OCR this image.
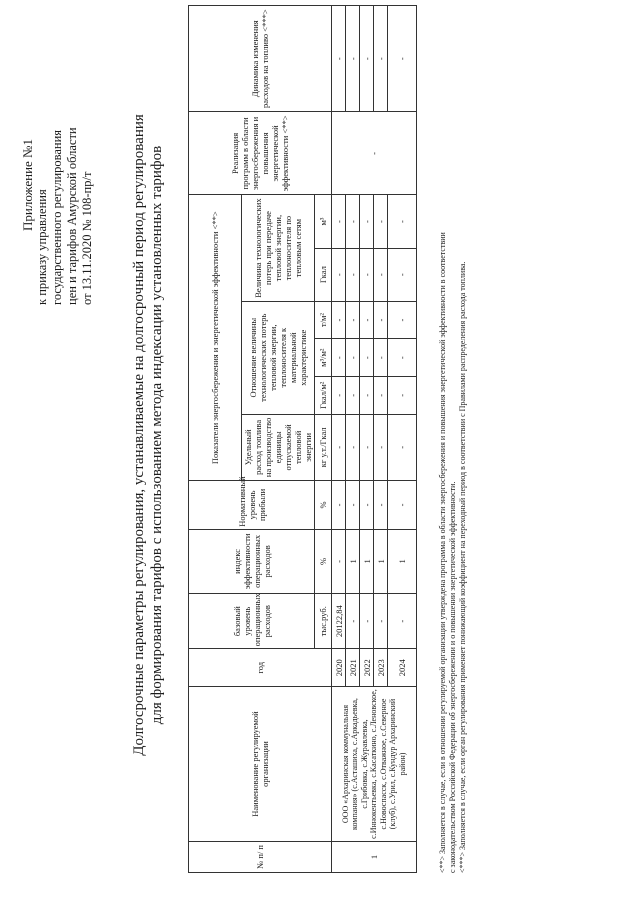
Приложение №1
к приказу управления государственного регулирования цен и тарифов Амурской области от 13.11.2020 № 108-пр/т Долгосрочные параметры регулирования, устанавливаемые на долгосрочный период регулирования для формирования тарифов с использованием метода индексации установленных тарифов
№ п/ п	Наименование регулируемой организации	год	базовый уровень операционных расходов	индекс эффективности операционных расходов	Нормативный уровень прибыли	Показатели энергосбережения и энергетической эффективности <**>						Реализация программ в области энергосбережения и повышения энергетической эффективности <**>	Динамика изменения расходов на топливо <***>
						Удельный расход топлива на производство единицы отпускаемой тепловой энергии	Отношение величины технологических потерь тепловой энергии, теплоносителя к материальной характеристике			Величина технологических потерь при передаче тепловой энергии, теплоносителя по тепловым сетям			
			тыс.руб.	%	%	кг у.т./Гкал	Гкал/м²	м³/м²	т/м²	Гкал	м³		
1	ООО «Архаринская коммунальная компания» (с.Асташиха, с.Аркадьевка, с.Грибовка, с.Журавлевка, с.Иннокентьевка, с.Касаткино, с.Леновское, с.Новоспасск, с.Отважное, с.Северное (клуб), с.Урил, с.Кундур Архаринский район)	2020	20122,84	-	-	-	-	-	-	-	-	-	-
		2021	-	1	-	-	-	-	-	-	-		-
		2022	-	1	-	-	-	-	-	-	-		-
		2023	-	1	-	-	-	-	-	-	-		-
		2024	-	1	-	-	-	-	-	-	-		-
<**> Заполняется в случае, если в отношении регулируемой организации утверждена программа в области энергосбережения и повышения энергетической эффективности в соответствии с законодательством Российской Федерации об энергосбережении и о повышении энергетической эффективности. <***> Заполняется в случае, если орган регулирования применяет понижающий коэффициент на переходный период в соответствии с Правилами распределения расхода топлива.
